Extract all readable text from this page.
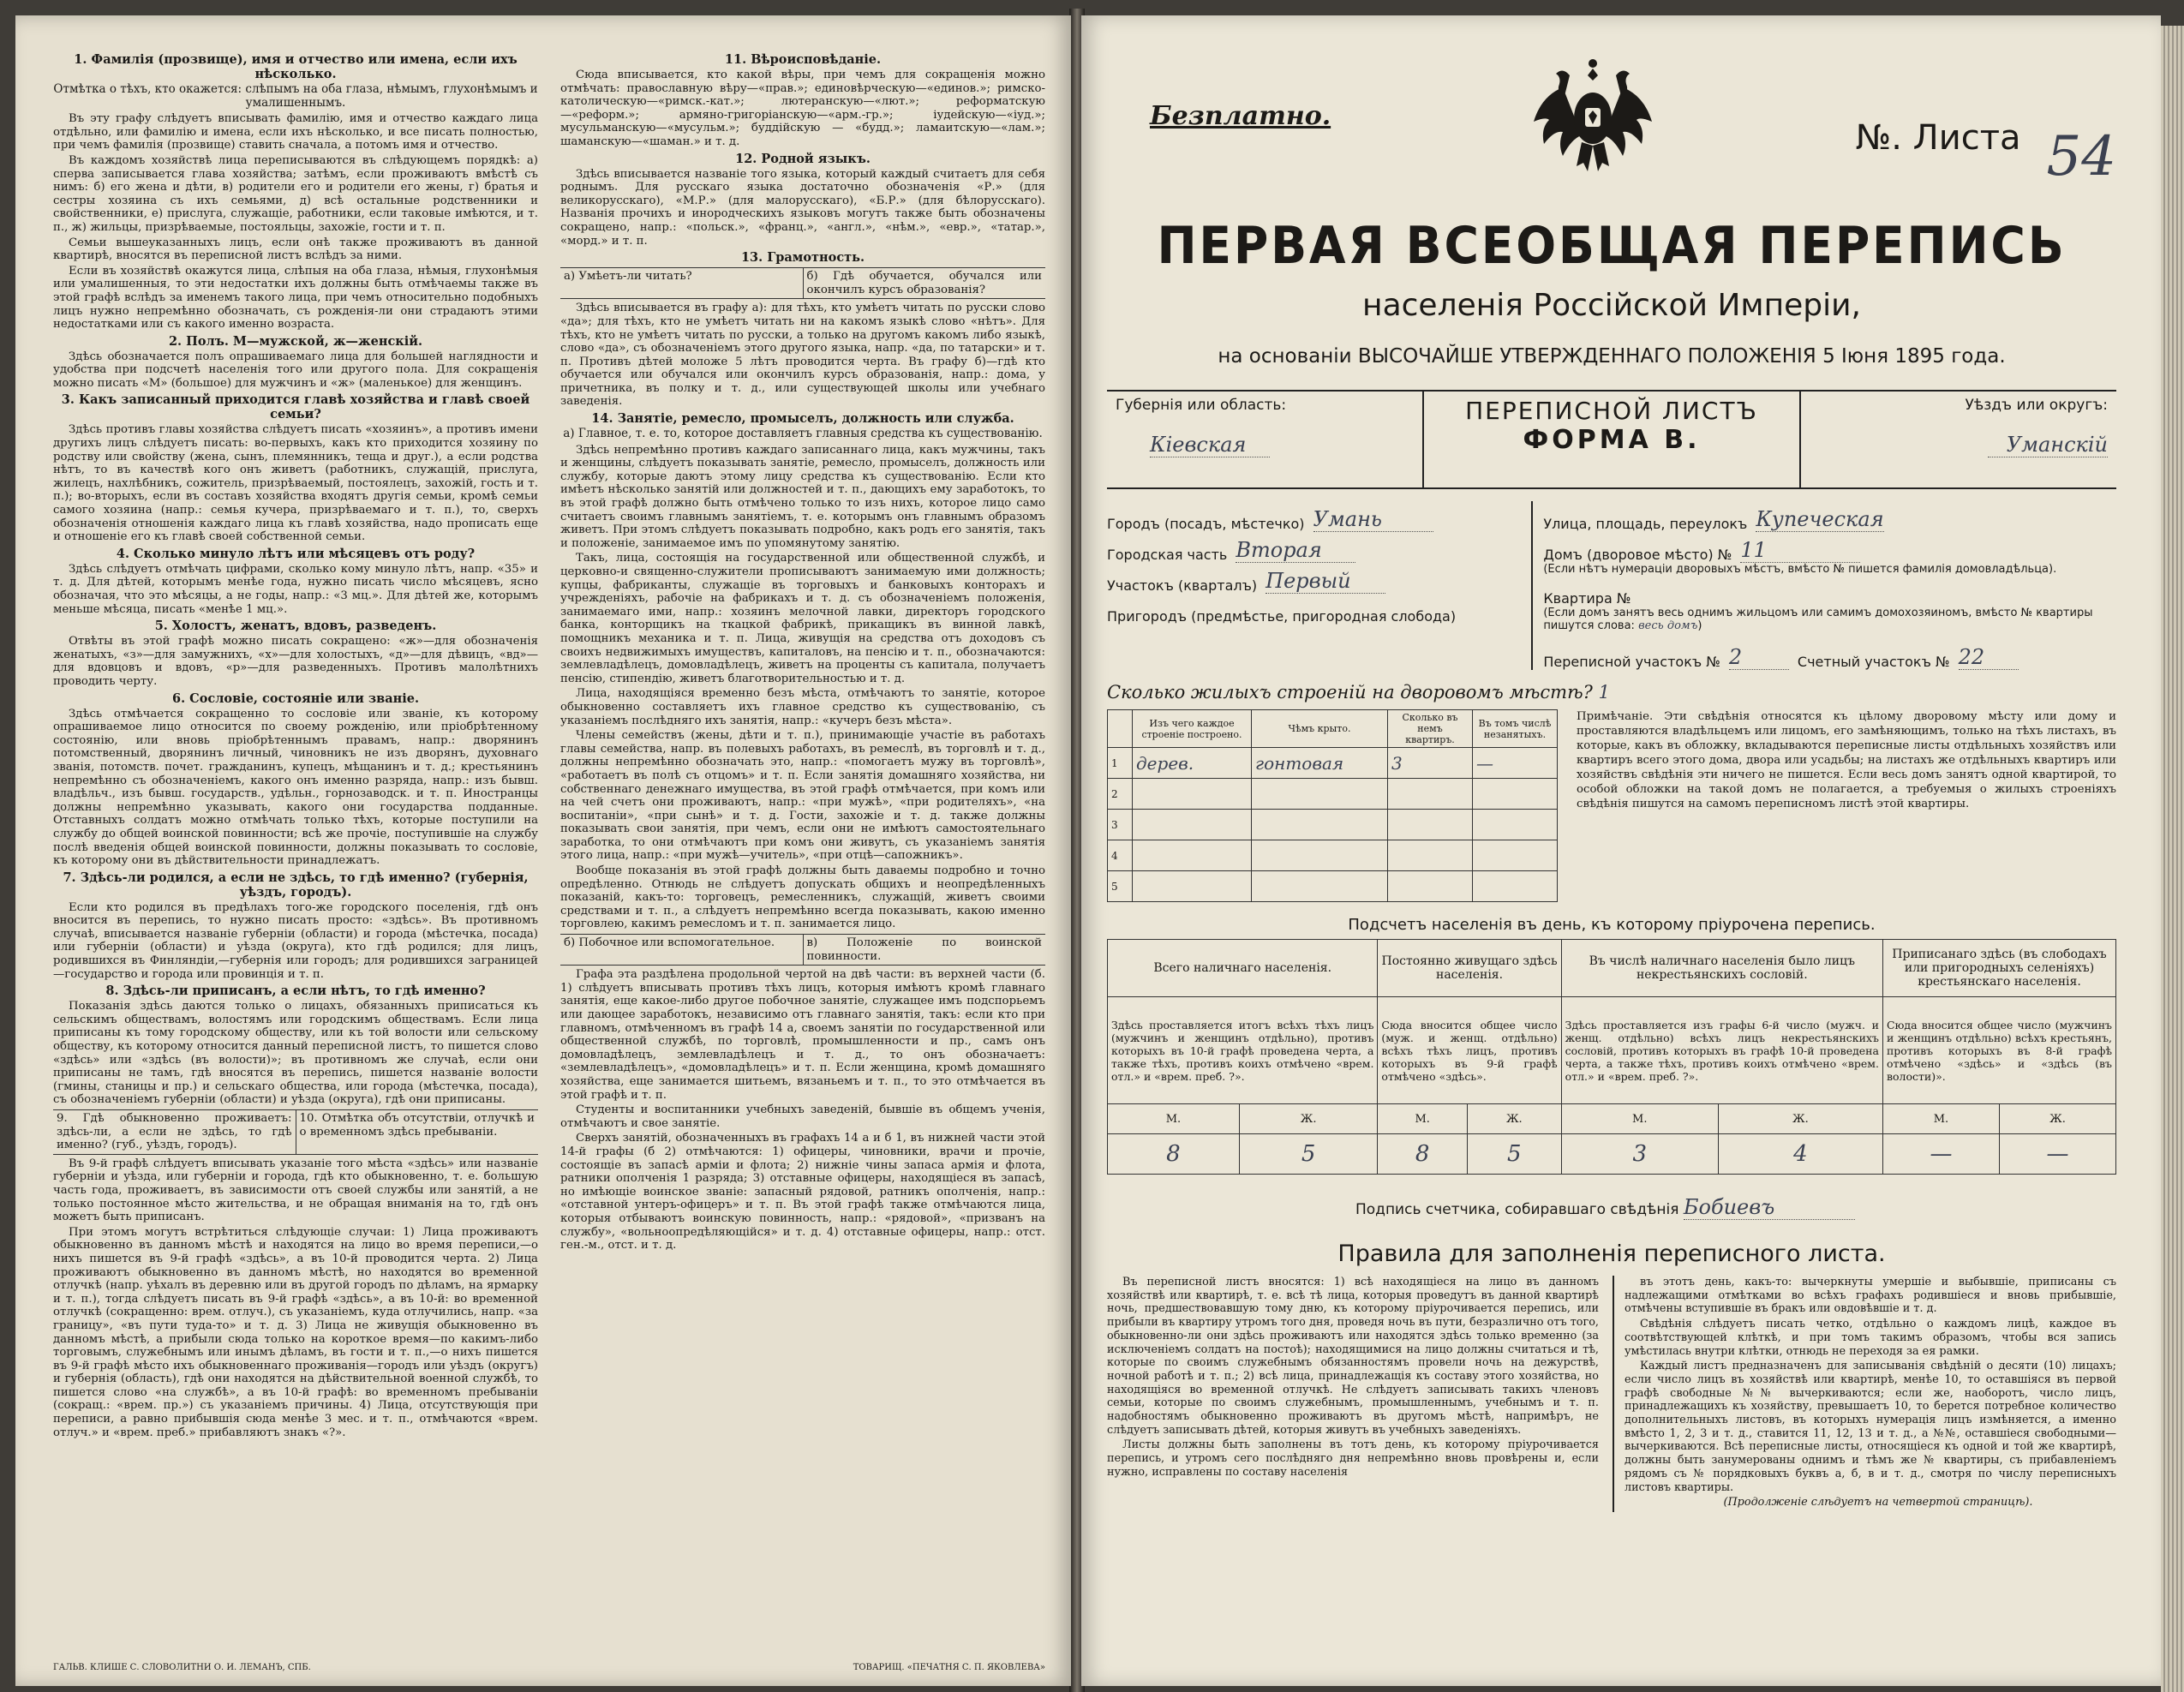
1. Фамилія (прозвище), имя и отчество или имена, если ихъ нѣсколько.
Отмѣтка о тѣхъ, кто окажется: слѣпымъ на оба глаза, нѣмымъ, глухонѣмымъ и умалишеннымъ.

Въ эту графу слѣдуетъ вписывать фамилію, имя и отчество каждаго лица отдѣльно, или фамилію и имена, если ихъ нѣсколько, и все писать полностью, при чемъ фамилія (прозвище) ставить сначала, а потомъ имя и отчество.

Въ каждомъ хозяйствѣ лица переписываются въ слѣдующемъ порядкѣ: а) сперва записывается глава хозяйства; затѣмъ, если проживаютъ вмѣстѣ съ нимъ: б) его жена и дѣти, в) родители его и родители его жены, г) братья и сестры хозяина съ ихъ семьями, д) всѣ остальные родственники и свойственники, е) прислуга, служащіе, работники, если таковые имѣются, и т. п., ж) жильцы, призрѣваемые, постояльцы, захожіе, гости и т. п.

Семьи вышеуказанныхъ лицъ, если онѣ также проживаютъ въ данной квартирѣ, вносятся въ переписной листъ вслѣдъ за ними.

Если въ хозяйствѣ окажутся лица, слѣпыя на оба глаза, нѣмыя, глухонѣмыя или умалишенныя, то эти недостатки ихъ должны быть отмѣчаемы также въ этой графѣ вслѣдъ за именемъ такого лица, при чемъ относительно подобныхъ лицъ нужно непремѣнно обозначать, съ рожденія-ли они страдаютъ этими недостатками или съ какого именно возраста.

2. Полъ. М—мужской, ж—женскій.

Здѣсь обозначается полъ опрашиваемаго лица для большей наглядности и удобства при подсчетѣ населенія того или другого пола. Для сокращенія можно писать «М» (большое) для мужчинъ и «ж» (маленькое) для женщинъ.

3. Какъ записанный приходится главѣ хозяйства и главѣ своей семьи?

Здѣсь противъ главы хозяйства слѣдуетъ писать «хозяинъ», а противъ имени другихъ лицъ слѣдуетъ писать: во-первыхъ, какъ кто приходится хозяину по родству или свойству (жена, сынъ, племянникъ, теща и друг.), а если родства нѣтъ, то въ качествѣ кого онъ живетъ (работникъ, служащій, прислуга, жилецъ, нахлѣбникъ, сожитель, призрѣваемый, постоялецъ, захожій, гость и т. п.); во-вторыхъ, если въ составъ хозяйства входятъ другія семьи, кромѣ семьи самого хозяина (напр.: семья кучера, призрѣваемаго и т. п.), то, сверхъ обозначенія отношенія каждаго лица къ главѣ хозяйства, надо прописать еще и отношеніе его къ главѣ своей собственной семьи.

4. Сколько минуло лѣтъ или мѣсяцевъ отъ роду?

Здѣсь слѣдуетъ отмѣчать цифрами, сколько кому минуло лѣтъ, напр. «35» и т. д. Для дѣтей, которымъ менѣе года, нужно писать число мѣсяцевъ, ясно обозначая, что это мѣсяцы, а не годы, напр.: «3 мц.». Для дѣтей же, которымъ меньше мѣсяца, писать «менѣе 1 мц.».

5. Холостъ, женатъ, вдовъ, разведенъ.

Отвѣты въ этой графѣ можно писать сокращено: «ж»—для обозначенія женатыхъ, «з»—для замужнихъ, «х»—для холостыхъ, «д»—для дѣвицъ, «вд»—для вдовцовъ и вдовъ, «р»—для разведенныхъ. Противъ малолѣтнихъ проводить черту.

6. Сословіе, состояніе или званіе.

Здѣсь отмѣчается сокращенно то сословіе или званіе, къ которому опрашиваемое лицо относится по своему рожденію, или пріобрѣтенному состоянію, или вновь пріобрѣтеннымъ правамъ, напр.: дворянинъ потомственный, дворянинъ личный, чиновникъ не изъ дворянъ, духовнаго званія, потомств. почет. гражданинъ, купецъ, мѣщанинъ и т. д.; крестьянинъ непремѣнно съ обозначеніемъ, какого онъ именно разряда, напр.: изъ бывш. владѣльч., изъ бывш. государств., удѣльн., горнозаводск. и т. п. Иностранцы должны непремѣнно указывать, какого они государства подданные. Отставныхъ солдатъ можно отмѣчать только тѣхъ, которые поступили на службу до общей воинской повинности; всѣ же прочіе, поступившіе на службу послѣ введенія общей воинской повинности, должны показывать то сословіе, къ которому они въ дѣйствительности принадлежатъ.

7. Здѣсь-ли родился, а если не здѣсь, то гдѣ именно? (губернія, уѣздъ, городъ).

Если кто родился въ предѣлахъ того-же городского поселенія, гдѣ онъ вносится въ перепись, то нужно писать просто: «здѣсь». Въ противномъ случаѣ, вписывается названіе губерніи (области) и города (мѣстечка, посада) или губерніи (области) и уѣзда (округа), кто гдѣ родился; для лицъ, родившихся въ Финляндіи,—губернія или городъ; для родившихся заграницей—государство и города или провинція и т. п.

8. Здѣсь-ли приписанъ, а если нѣтъ, то гдѣ именно?

Показанія здѣсь даются только о лицахъ, обязанныхъ приписаться къ сельскимъ обществамъ, волостямъ или городскимъ обществамъ. Если лица приписаны къ тому городскому обществу, или къ той волости или сельскому обществу, къ которому относится данный переписной листъ, то пишется слово «здѣсь» или «здѣсь (въ волости)»; въ противномъ же случаѣ, если они приписаны не тамъ, гдѣ вносятся въ перепись, пишется названіе волости (гмины, станицы и пр.) и сельскаго общества, или города (мѣстечка, посада), съ обозначеніемъ губерніи (области) и уѣзда (округа), гдѣ они приписаны.

9. Гдѣ обыкновенно проживаетъ: здѣсь-ли, а если не здѣсь, то гдѣ именно? (губ., уѣздъ, городъ).
10. Отмѣтка объ отсутствіи, отлучкѣ и о временномъ здѣсь пребываніи.

Въ 9-й графѣ слѣдуетъ вписывать указаніе того мѣста «здѣсь» или названіе губерніи и уѣзда, или губерніи и города, гдѣ кто обыкновенно, т. е. большую часть года, проживаетъ, въ зависимости отъ своей службы или занятій, а не только постоянное мѣсто жительства, и не обращая вниманія на то, гдѣ онъ можетъ быть приписанъ.

При этомъ могутъ встрѣтиться слѣдующіе случаи: 1) Лица проживаютъ обыкновенно въ данномъ мѣстѣ и находятся на лицо во время переписи,—о нихъ пишется въ 9-й графѣ «здѣсь», а въ 10-й проводится черта. 2) Лица проживаютъ обыкновенно въ данномъ мѣстѣ, но находятся во временной отлучкѣ (напр. уѣхалъ въ деревню или въ другой городъ по дѣламъ, на ярмарку и т. п.), тогда слѣдуетъ писать въ 9-й графѣ «здѣсь», а въ 10-й: во временной отлучкѣ (сокращенно: врем. отлуч.), съ указаніемъ, куда отлучились, напр. «за границу», «въ пути туда-то» и т. д. 3) Лица не живущія обыкновенно въ данномъ мѣстѣ, а прибыли сюда только на короткое время—по какимъ-либо торговымъ, служебнымъ или инымъ дѣламъ, въ гости и т. п.,—о нихъ пишется въ 9-й графѣ мѣсто ихъ обыкновеннаго проживанія—городъ или уѣздъ (округъ) и губернія (область), гдѣ они находятся на дѣйствительной военной службѣ, то пишется слово «на службѣ», а въ 10-й графѣ: во временномъ пребываніи (сокращ.: «врем. пр.») съ указаніемъ причины. 4) Лица, отсутствующія при переписи, а равно прибывшія сюда менѣе 3 мес. и т. п., отмѣчаются «врем. отлуч.» и «врем. преб.» прибавляютъ знакъ «?».

11. Вѣроисповѣданіе.

Сюда вписывается, кто какой вѣры, при чемъ для сокращенія можно отмѣчать: православную вѣру—«прав.»; единовѣрческую—«единов.»; римско-католическую—«римск.-кат.»; лютеранскую—«лют.»; реформатскую—«реформ.»; армяно-григоріанскую—«арм.-гр.»; іудейскую—«іуд.»; мусульманскую—«мусульм.»; буддійскую — «будд.»; ламаитскую—«лам.»; шаманскую—«шаман.» и т. д.

12. Родной языкъ.

Здѣсь вписывается названіе того языка, который каждый считаетъ для себя роднымъ. Для русскаго языка достаточно обозначенія «Р.» (для великорусскаго), «М.Р.» (для малорусскаго), «Б.Р.» (для бѣлорусскаго). Названія прочихъ и инородческихъ языковъ могутъ также быть обозначены сокращено, напр.: «польск.», «франц.», «англ.», «нѣм.», «евр.», «татар.», «морд.» и т. п.

13. Грамотность.
а) Умѣетъ-ли читать?	б) Гдѣ обучается, обучался или окончилъ курсъ образованія?

Здѣсь вписывается въ графу а): для тѣхъ, кто умѣетъ читать по русски слово «да»; для тѣхъ, кто не умѣетъ читать ни на какомъ языкѣ слово «нѣтъ». Для тѣхъ, кто не умѣетъ читать по русски, а только на другомъ какомъ либо языкѣ, слово «да», съ обозначеніемъ этого другого языка, напр. «да, по татарски» и т. п. Противъ дѣтей моложе 5 лѣтъ проводится черта. Въ графу б)—гдѣ кто обучается или обучался или окончилъ курсъ образованія, напр.: дома, у причетника, въ полку и т. д., или существующей школы или учебнаго заведенія.

14. Занятіе, ремесло, промыселъ, должность или служба.
а) Главное, т. е. то, которое доставляетъ главныя средства къ существованію.

Здѣсь непремѣнно противъ каждаго записаннаго лица, какъ мужчины, такъ и женщины, слѣдуетъ показывать занятіе, ремесло, промыселъ, должность или службу, которые даютъ этому лицу средства къ существованію. Если кто имѣетъ нѣсколько занятій или должностей и т. п., дающихъ ему заработокъ, то въ этой графѣ должно быть отмѣчено только то изъ нихъ, которое лицо само считаетъ своимъ главнымъ занятіемъ, т. е. которымъ онъ главнымъ образомъ живетъ. При этомъ слѣдуетъ показывать подробно, какъ родъ его занятія, такъ и положеніе, занимаемое имъ по упомянутому занятію.

Такъ, лица, состоящія на государственной или общественной службѣ, и церковно-и священно-служители прописываютъ занимаемую ими должность; купцы, фабриканты, служащіе въ торговыхъ и банковыхъ конторахъ и учрежденіяхъ, рабочіе на фабрикахъ и т. д. съ обозначеніемъ положенія, занимаемаго ими, напр.: хозяинъ мелочной лавки, директоръ городского банка, конторщикъ на ткацкой фабрикѣ, прикащикъ въ винной лавкѣ, помощникъ механика и т. п. Лица, живущія на средства отъ доходовъ съ своихъ недвижимыхъ имуществъ, капиталовъ, на пенсію и т. п., обозначаются: землевладѣлецъ, домовладѣлецъ, живетъ на проценты съ капитала, получаетъ пенсію, стипендію, живетъ благотворительностью и т. д.

Лица, находящіяся временно безъ мѣста, отмѣчаютъ то занятіе, которое обыкновенно составляетъ ихъ главное средство къ существованію, съ указаніемъ послѣдняго ихъ занятія, напр.: «кучеръ безъ мѣста».

Члены семействъ (жены, дѣти и т. п.), принимающіе участіе въ работахъ главы семейства, напр. въ полевыхъ работахъ, въ ремеслѣ, въ торговлѣ и т. д., должны непремѣнно обозначать это, напр.: «помогаетъ мужу въ торговлѣ», «работаетъ въ полѣ съ отцомъ» и т. п. Если занятія домашняго хозяйства, ни собственнаго денежнаго имущества, въ этой графѣ отмѣчается, при комъ или на чей счетъ они проживаютъ, напр.: «при мужѣ», «при родителяхъ», «на воспитаніи», «при сынѣ» и т. д. Гости, захожіе и т. д. также должны показывать свои занятія, при чемъ, если они не имѣютъ самостоятельнаго заработка, то они отмѣчаютъ при комъ они живутъ, съ указаніемъ занятія этого лица, напр.: «при мужѣ—учитель», «при отцѣ—сапожникъ».

Вообще показанія въ этой графѣ должны быть даваемы подробно и точно опредѣленно. Отнюдь не слѣдуетъ допускать общихъ и неопредѣленныхъ показаній, какъ-то: торговецъ, ремесленникъ, служащій, живетъ своими средствами и т. п., а слѣдуетъ непремѣнно всегда показывать, какою именно торговлею, какимъ ремесломъ и т. п. занимается лицо.

б) Побочное или вспомогательное.	в) Положеніе по воинской повинности.

Графа эта раздѣлена продольной чертой на двѣ части: въ верхней части (б. 1) слѣдуетъ вписывать противъ тѣхъ лицъ, которыя имѣютъ кромѣ главнаго занятія, еще какое-либо другое побочное занятіе, служащее имъ подспорьемъ или дающее заработокъ, независимо отъ главнаго занятія, такъ: если кто при главномъ, отмѣченномъ въ графѣ 14 а, своемъ занятіи по государственной или общественной службѣ, по торговлѣ, промышленности и пр., самъ онъ домовладѣлецъ, землевладѣлецъ и т. д., то онъ обозначаетъ: «землевладѣлецъ», «домовладѣлецъ» и т. п. Если женщина, кромѣ домашняго хозяйства, еще занимается шитьемъ, вязаньемъ и т. п., то это отмѣчается въ этой графѣ и т. п.

Студенты и воспитанники учебныхъ заведеній, бывшіе въ общемъ ученія, отмѣчаютъ и свое занятіе.

Сверхъ занятій, обозначенныхъ въ графахъ 14 а и б 1, въ нижней части этой 14-й графы (б 2) отмѣчаются: 1) офицеры, чиновники, врачи и прочіе, состоящіе въ запасѣ арміи и флота; 2) нижніе чины запаса армія и флота, ратники ополченія 1 разряда; 3) отставные офицеры, находящіеся въ запасѣ, но имѣющіе воинское званіе: запасный рядовой, ратникъ ополченія, напр.: «отставной унтеръ-офицеръ» и т. п. Въ этой графѣ также отмѣчаются лица, которыя отбываютъ воинскую повинность, напр.: «рядовой», «призванъ на службу», «вольноопредѣляющійся» и т. д. 4) отставные офицеры, напр.: отст. ген.-м., отст. и т. д.

ГАЛЬВ. КЛИШЕ С. СЛОВОЛИТНИ О. И. ЛЕМАНЪ, СПБ.	ТОВАРИЩ. «ПЕЧАТНЯ С. П. ЯКОВЛЕВА»
Безплатно.
№. Листа 54
ПЕРВАЯ ВСЕОБЩАЯ ПЕРЕПИСЬ
населенія Россійской Имперіи,
на основаніи ВЫСОЧАЙШЕ УТВЕРЖДЕННАГО ПОЛОЖЕНІЯ 5 Іюня 1895 года.
Губернія или область:
Кіевская
ПЕРЕПИСНОЙ ЛИСТЪ
ФОРМА В.
Уѣздъ или округъ:
Уманскій
Городъ (посадъ, мѣстечко) Умань
Городская часть Вторая
Участокъ (кварталъ) Первый
Пригородъ (предмѣстье, пригородная слобода)
Улица, площадь, переулокъ Купеческая
Домъ (дворовое мѣсто) № 11
(Если нѣтъ нумераціи дворовыхъ мѣстъ, вмѣсто № пишется фамилія домовладѣльца).
Квартира №
(Если домъ занятъ весь однимъ жильцомъ или самимъ домохозяиномъ, вмѣсто № квартиры пишутся слова: весь домъ)
Переписной участокъ № 2	Счетный участокъ № 22
Сколько жилыхъ строеній на дворовомъ мѣстѣ? 1
	Изъ чего каждое строеніе построено.	Чѣмъ крыто.	Сколько въ немъ квартиръ.	Въ томъ числѣ незанятыхъ.
1	дерев.	гонтовая	3	—
2				
3				
4				
5				
Примѣчаніе. Эти свѣдѣнія относятся къ цѣлому дворовому мѣсту или дому и проставляются владѣльцемъ или лицомъ, его замѣняющимъ, только на тѣхъ листахъ, въ которые, какъ въ обложку, вкладываются переписные листы отдѣльныхъ хозяйствъ или квартиръ всего этого дома, двора или усадьбы; на листахъ же отдѣльныхъ квартиръ или хозяйствъ свѣдѣнія эти ничего не пишется. Если весь домъ занятъ одной квартирой, то особой обложки на такой домъ не полагается, а требуемыя о жилыхъ строеніяхъ свѣдѣнія пишутся на самомъ переписномъ листѣ этой квартиры.
Подсчетъ населенія въ день, къ которому пріурочена перепись.
Всего наличнаго населенія.		Постоянно живущаго здѣсь населенія.		Въ числѣ наличнаго населенія было лицъ некрестьянскихъ сословій.		Приписанаго здѣсь (въ слободахъ или пригородныхъ селеніяхъ) крестьянскаго населенія.	
Здѣсь проставляется итогъ всѣхъ тѣхъ лицъ (мужчинъ и женщинъ отдѣльно), противъ которыхъ въ 10-й графѣ проведена черта, а также тѣхъ, противъ коихъ отмѣчено «врем. отл.» и «врем. преб. ?».		Сюда вносится общее число (муж. и женщ. отдѣльно) всѣхъ тѣхъ лицъ, противъ которыхъ въ 9-й графѣ отмѣчено «здѣсь».		Здѣсь проставляется изъ графы 6-й число (мужч. и женщ. отдѣльно) всѣхъ лицъ некрестьянскихъ сословій, противъ которыхъ въ графѣ 10-й проведена черта, а также тѣхъ, противъ коихъ отмѣчено «врем. отл.» и «врем. преб. ?».		Сюда вносится общее число (мужчинъ и женщинъ отдѣльно) всѣхъ крестьянъ, противъ которыхъ въ 8-й графѣ отмѣчено «здѣсь» и «здѣсь (въ волости)».	
М.	Ж.	М.	Ж.	М.	Ж.	М.	Ж.
8	5	8	5	3	4	—	—
Подпись счетчика, собиравшаго свѣдѣнія Бобиевъ
Правила для заполненія переписного листа.

Въ переписной листъ вносятся: 1) всѣ находящіеся на лицо въ данномъ хозяйствѣ или квартирѣ, т. е. всѣ тѣ лица, которыя проведутъ въ данной квартирѣ ночь, предшествовавшую тому дню, къ которому пріурочивается перепись, или прибыли въ квартиру утромъ того дня, проведя ночь въ пути, безразлично отъ того, обыкновенно-ли они здѣсь проживаютъ или находятся здѣсь только временно (за исключеніемъ солдатъ на постоѣ); находящимися на лицо должны считаться и тѣ, которые по своимъ служебнымъ обязанностямъ провели ночь на дежурствѣ, ночной работѣ и т. п.; 2) всѣ лица, принадлежащія къ составу этого хозяйства, но находящіяся во временной отлучкѣ. Не слѣдуетъ записывать такихъ членовъ семьи, которые по своимъ служебнымъ, промышленнымъ, учебнымъ и т. п. надобностямъ обыкновенно проживаютъ въ другомъ мѣстѣ, напримѣръ, не слѣдуетъ записывать дѣтей, которыя живутъ въ учебныхъ заведеніяхъ.

Листы должны быть заполнены въ тотъ день, къ которому пріурочивается перепись, и утромъ сего послѣдняго дня непремѣнно вновь провѣрены и, если нужно, исправлены по составу населенія

въ этотъ день, какъ-то: вычеркнуты умершіе и выбывшіе, приписаны съ надлежащими отмѣтками во всѣхъ графахъ родившіеся и вновь прибывшіе, отмѣчены вступившіе въ бракъ или овдовѣвшіе и т. д.

Свѣдѣнія слѣдуетъ писать четко, отдѣльно о каждомъ лицѣ, каждое въ соотвѣтствующей клѣткѣ, и при томъ такимъ образомъ, чтобы вся запись умѣстилась внутри клѣтки, отнюдь не переходя за ея рамки.

Каждый листъ предназначенъ для записыванія свѣдѣній о десяти (10) лицахъ; если число лицъ въ хозяйствѣ или квартирѣ, менѣе 10, то оставшіяся въ первой графѣ свободные №№ вычеркиваются; если же, наоборотъ, число лицъ, принадлежащихъ къ хозяйству, превышаетъ 10, то берется потребное количество дополнительныхъ листовъ, въ которыхъ нумерація лицъ измѣняется, а именно вмѣсто 1, 2, 3 и т. д., ставится 11, 12, 13 и т. д., а №№, оставшіеся свободными—вычеркиваются. Всѣ переписные листы, относящіеся къ одной и той же квартирѣ, должны быть занумерованы однимъ и тѣмъ же № квартиры, съ прибавленіемъ рядомъ съ № порядковыхъ буквъ а, б, в и т. д., смотря по числу переписныхъ листовъ квартиры.

(Продолженіе слѣдуетъ на четвертой страницѣ).
